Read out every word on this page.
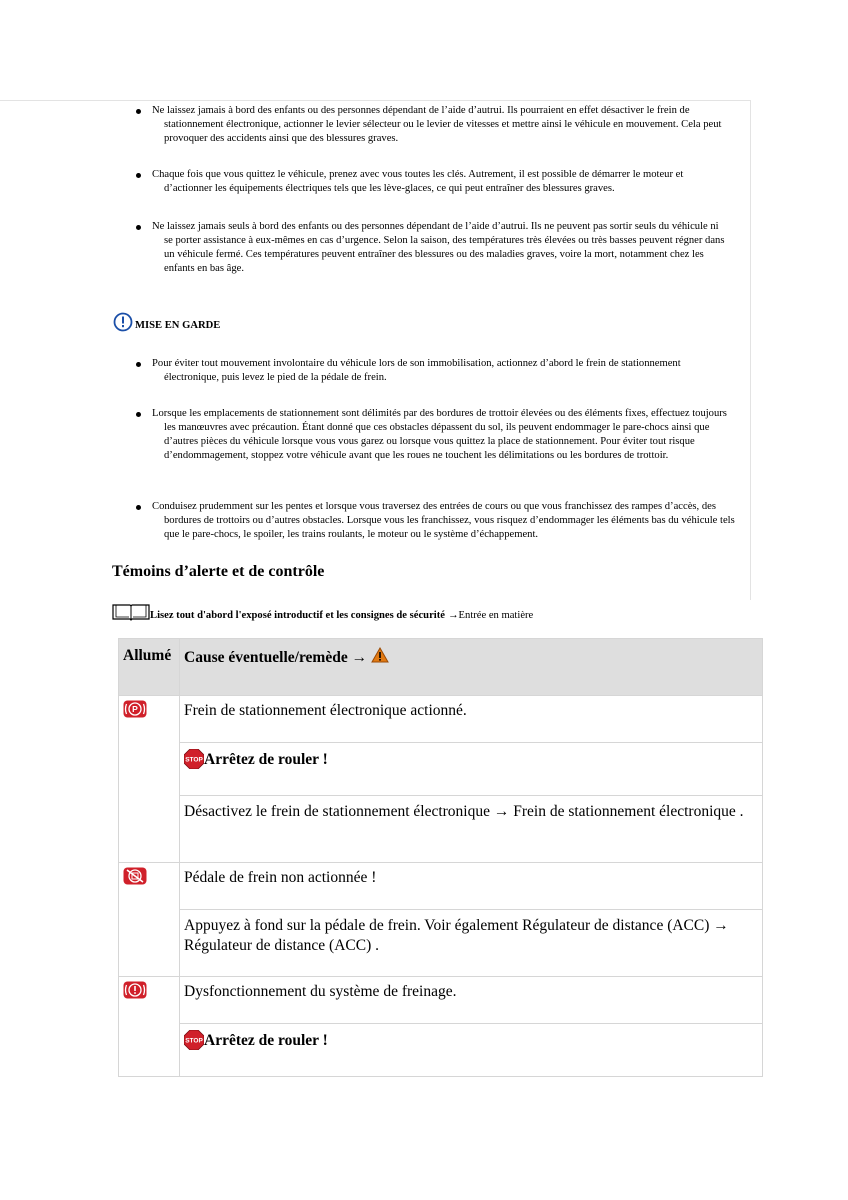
Ne laissez jamais à bord des enfants ou des personnes dépendant de l’aide d’autrui. Ils pourraient en effet désactiver le frein de stationnement électronique, actionner le levier sélecteur ou le levier de vitesses et mettre ainsi le véhicule en mouvement. Cela peut provoquer des accidents ainsi que des blessures graves.
Chaque fois que vous quittez le véhicule, prenez avec vous toutes les clés. Autrement, il est possible de démarrer le moteur et d’actionner les équipements électriques tels que les lève-glaces, ce qui peut entraîner des blessures graves.
Ne laissez jamais seuls à bord des enfants ou des personnes dépendant de l’aide d’autrui. Ils ne peuvent pas sortir seuls du véhicule ni se porter assistance à eux-mêmes en cas d’urgence. Selon la saison, des températures très élevées ou très basses peuvent régner dans un véhicule fermé. Ces températures peuvent entraîner des blessures ou des maladies graves, voire la mort, notamment chez les enfants en bas âge.
MISE EN GARDE
Pour éviter tout mouvement involontaire du véhicule lors de son immobilisation, actionnez d’abord le frein de stationnement électronique, puis levez le pied de la pédale de frein.
Lorsque les emplacements de stationnement sont délimités par des bordures de trottoir élevées ou des éléments fixes, effectuez toujours les manœuvres avec précaution. Étant donné que ces obstacles dépassent du sol, ils peuvent endommager le pare-chocs ainsi que d’autres pièces du véhicule lorsque vous vous garez ou lorsque vous quittez la place de stationnement. Pour éviter tout risque d’endommagement, stoppez votre véhicule avant que les roues ne touchent les délimitations ou les bordures de trottoir.
Conduisez prudemment sur les pentes et lorsque vous traversez des entrées de cours ou que vous franchissez des rampes d’accès, des bordures de trottoirs ou d’autres obstacles. Lorsque vous les franchissez, vous risquez d’endommager les éléments bas du véhicule tels que le pare-chocs, le spoiler, les trains roulants, le moteur ou le système d’échappement.
Témoins d’alerte et de contrôle
Lisez tout d'abord l'exposé introductif et les consignes de sécurité →Entrée en matière
Allumé	Cause éventuelle/remède →

P	Frein de stationnement électronique actionné.

STOP Arrêtez de rouler !

	Désactivez le frein de stationnement électronique → Frein de stationnement électronique .
	Pédale de frein non actionnée !
	Appuyez à fond sur la pédale de frein. Voir également Régulateur de distance (ACC) → Régulateur de distance (ACC) .
	Dysfonctionnement du système de freinage.

STOP Arrêtez de rouler !
